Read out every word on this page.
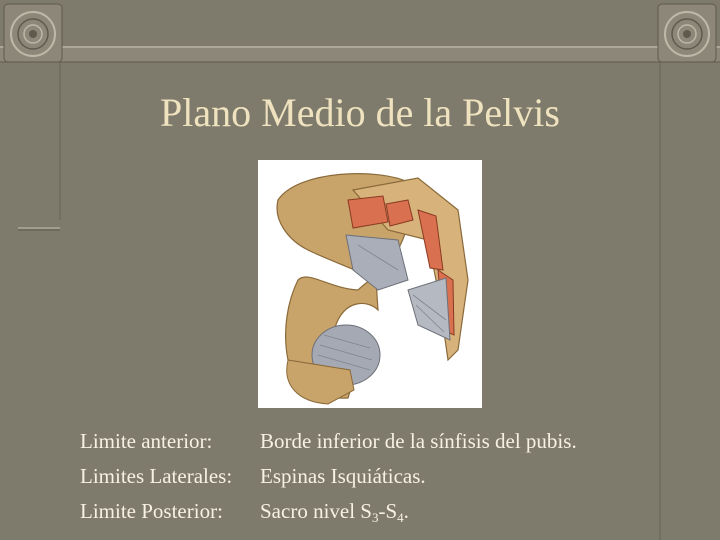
Plano Medio de la Pelvis
Limite anterior: Borde inferior de la sínfisis del pubis.
Limites Laterales: Espinas Isquiáticas.
Limite Posterior: Sacro nivel $S_3-S_4$.
